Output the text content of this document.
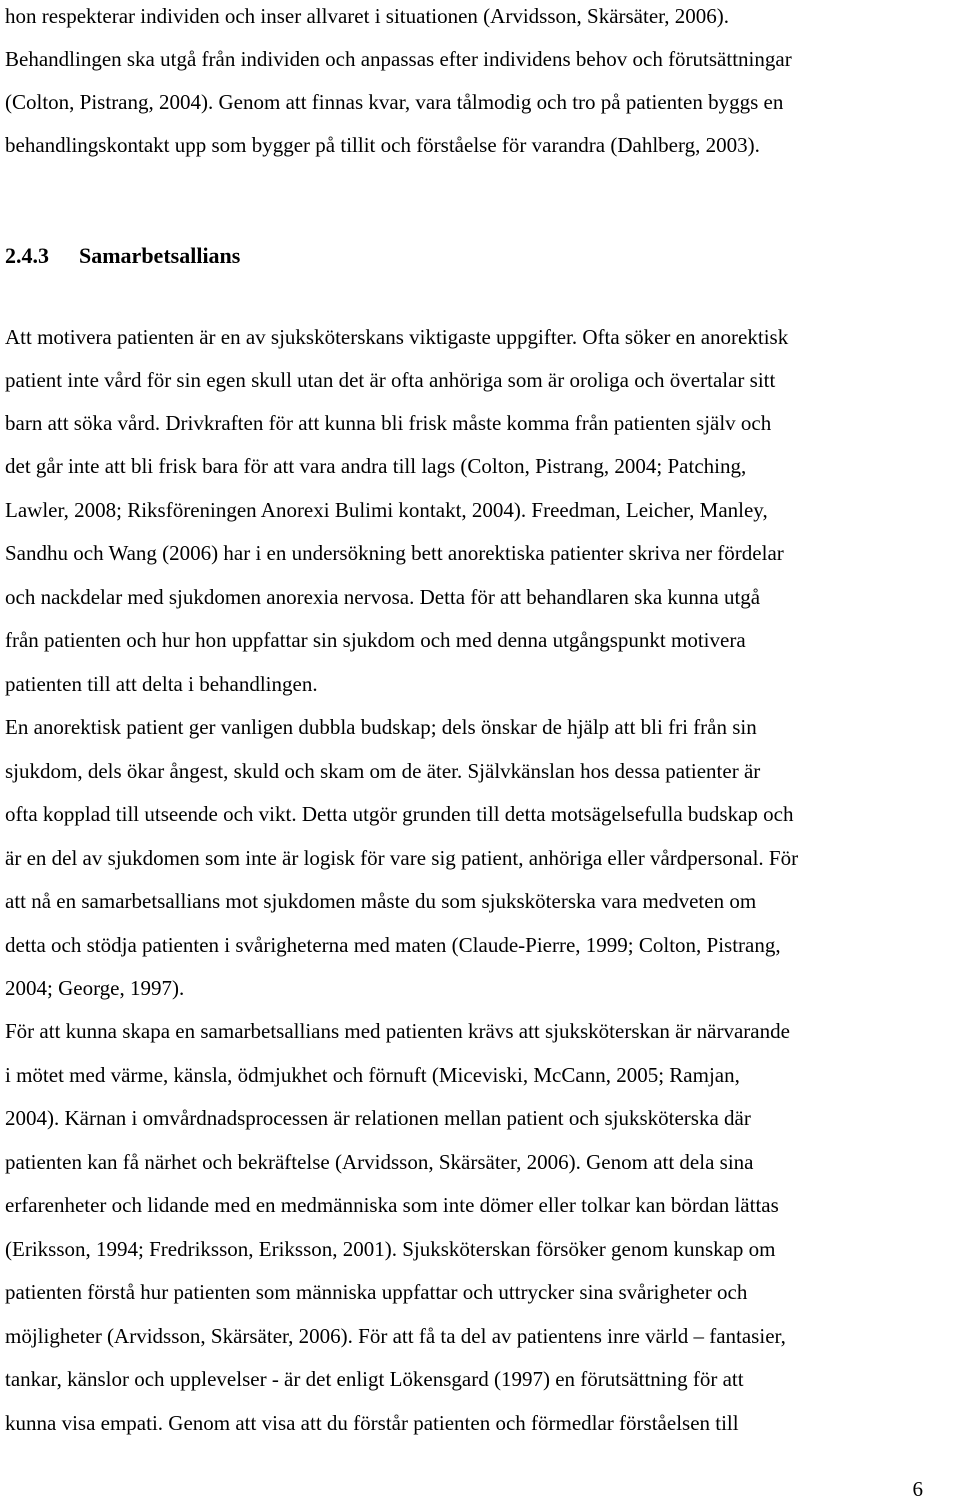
hon respekterar individen och inser allvaret i situationen (Arvidsson, Skärsäter, 2006).
Behandlingen ska utgå från individen och anpassas efter individens behov och förutsättningar
(Colton, Pistrang, 2004). Genom att finnas kvar, vara tålmodig och tro på patienten byggs en
behandlingskontakt upp som bygger på tillit och förståelse för varandra (Dahlberg, 2003).
2.4.3 Samarbetsallians
Att motivera patienten är en av sjuksköterskans viktigaste uppgifter. Ofta söker en anorektisk
patient inte vård för sin egen skull utan det är ofta anhöriga som är oroliga och övertalar sitt
barn att söka vård. Drivkraften för att kunna bli frisk måste komma från patienten själv och
det går inte att bli frisk bara för att vara andra till lags (Colton, Pistrang, 2004; Patching,
Lawler, 2008; Riksföreningen Anorexi Bulimi kontakt, 2004). Freedman, Leicher, Manley,
Sandhu och Wang (2006) har i en undersökning bett anorektiska patienter skriva ner fördelar
och nackdelar med sjukdomen anorexia nervosa. Detta för att behandlaren ska kunna utgå
från patienten och hur hon uppfattar sin sjukdom och med denna utgångspunkt motivera
patienten till att delta i behandlingen.
En anorektisk patient ger vanligen dubbla budskap; dels önskar de hjälp att bli fri från sin
sjukdom, dels ökar ångest, skuld och skam om de äter. Självkänslan hos dessa patienter är
ofta kopplad till utseende och vikt. Detta utgör grunden till detta motsägelsefulla budskap och
är en del av sjukdomen som inte är logisk för vare sig patient, anhöriga eller vårdpersonal. För
att nå en samarbetsallians mot sjukdomen måste du som sjuksköterska vara medveten om
detta och stödja patienten i svårigheterna med maten (Claude-Pierre, 1999; Colton, Pistrang,
2004; George, 1997).
För att kunna skapa en samarbetsallians med patienten krävs att sjuksköterskan är närvarande
i mötet med värme, känsla, ödmjukhet och förnuft (Miceviski, McCann, 2005; Ramjan,
2004). Kärnan i omvårdnadsprocessen är relationen mellan patient och sjuksköterska där
patienten kan få närhet och bekräftelse (Arvidsson, Skärsäter, 2006). Genom att dela sina
erfarenheter och lidande med en medmänniska som inte dömer eller tolkar kan bördan lättas
(Eriksson, 1994; Fredriksson, Eriksson, 2001). Sjuksköterskan försöker genom kunskap om
patienten förstå hur patienten som människa uppfattar och uttrycker sina svårigheter och
möjligheter (Arvidsson, Skärsäter, 2006). För att få ta del av patientens inre värld – fantasier,
tankar, känslor och upplevelser - är det enligt Lökensgard (1997) en förutsättning för att
kunna visa empati. Genom att visa att du förstår patienten och förmedlar förståelsen till
6
